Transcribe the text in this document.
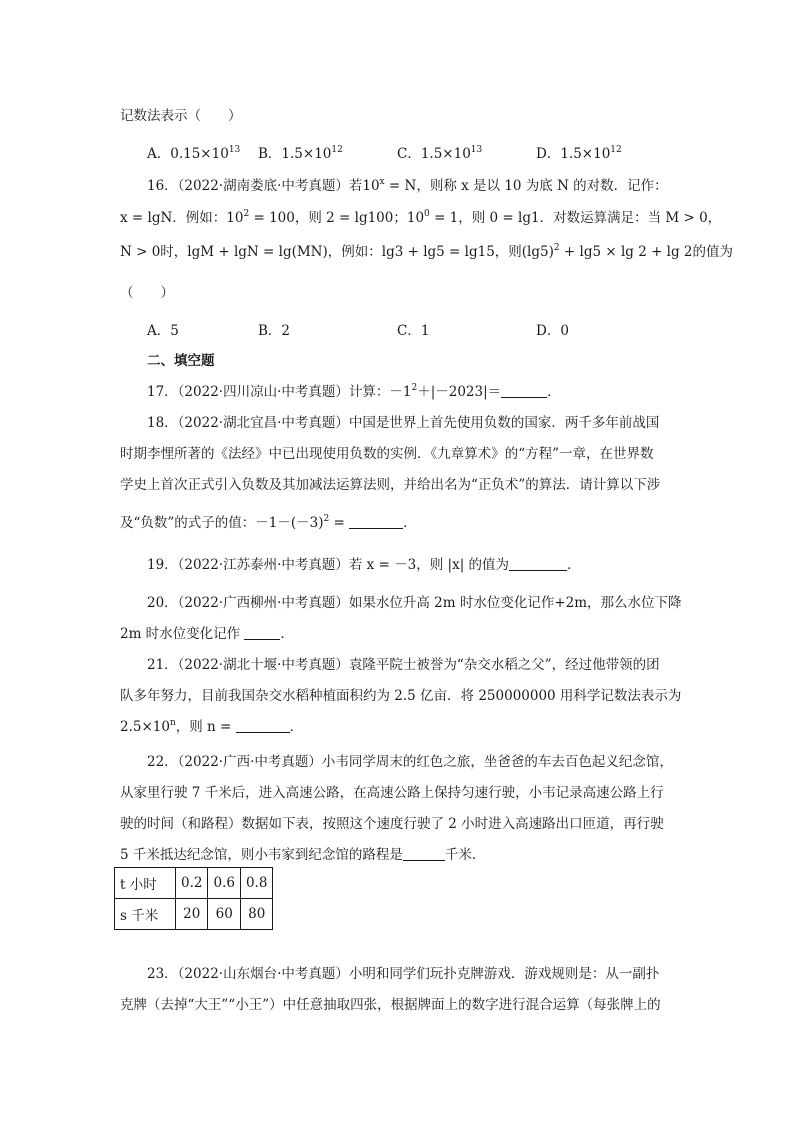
记数法表示（　　）
A．$0.15\times 10^{13}$ B．$1.5\times 10^{12}$	C．$1.5\times 10^{13}$	D．$1.5\times 10^{12}$
16．（2022·湖南娄底·中考真题）若$10^x = N$，则称 x 是以 10 为底 N 的对数．记作：
x = lgN．例如：$10^2 = 100$，则 2 = lg100；$10^0 = 1$，则 0 = lg1．对数运算满足：当 M > 0，
N > 0时，lgM + lgN = lg(MN)，例如：lg3 + lg5 = lg15，则$(\lg 5)^2 + \lg 5 \times \lg 2 + \lg 2$的值为
（　　）
A．5	B．2	C．1	D．0
二、填空题
17．（2022·四川凉山·中考真题）计算：$-1^2+|-2023|=$	．
18．（2022·湖北宜昌·中考真题）中国是世界上首先使用负数的国家．两千多年前战国
时期李悝所著的《法经》中已出现使用负数的实例．《九章算术》的“方程”一章，在世界数
学史上首次正式引入负数及其加减法运算法则，并给出名为“正负术”的算法．请计算以下涉
及“负数”的式子的值：$-1-(-3)^2$ =	．
19．（2022·江苏泰州·中考真题）若 x = －3，则 |x| 的值为	．
20．（2022·广西柳州·中考真题）如果水位升高 2m 时水位变化记作+2m，那么水位下降
2m 时水位变化记作	．
21．（2022·湖北十堰·中考真题）袁隆平院士被誉为“杂交水稻之父”，经过他带领的团
队多年努力，目前我国杂交水稻种植面积约为 2.5 亿亩．将 250000000 用科学记数法表示为
$2.5\times 10^n$，则 n =	．
22．（2022·广西·中考真题）小韦同学周末的红色之旅，坐爸爸的车去百色起义纪念馆，
从家里行驶 7 千米后，进入高速公路，在高速公路上保持匀速行驶，小韦记录高速公路上行
驶的时间（和路程）数据如下表，按照这个速度行驶了 2 小时进入高速路出口匝道，再行驶
5 千米抵达纪念馆，则小韦家到纪念馆的路程是	千米．
t 小时	0.2	0.6	0.8
s 千米	20	60	80
23．（2022·山东烟台·中考真题）小明和同学们玩扑克牌游戏．游戏规则是：从一副扑
克牌（去掉“大王”“小王”）中任意抽取四张，根据牌面上的数字进行混合运算（每张牌上的
